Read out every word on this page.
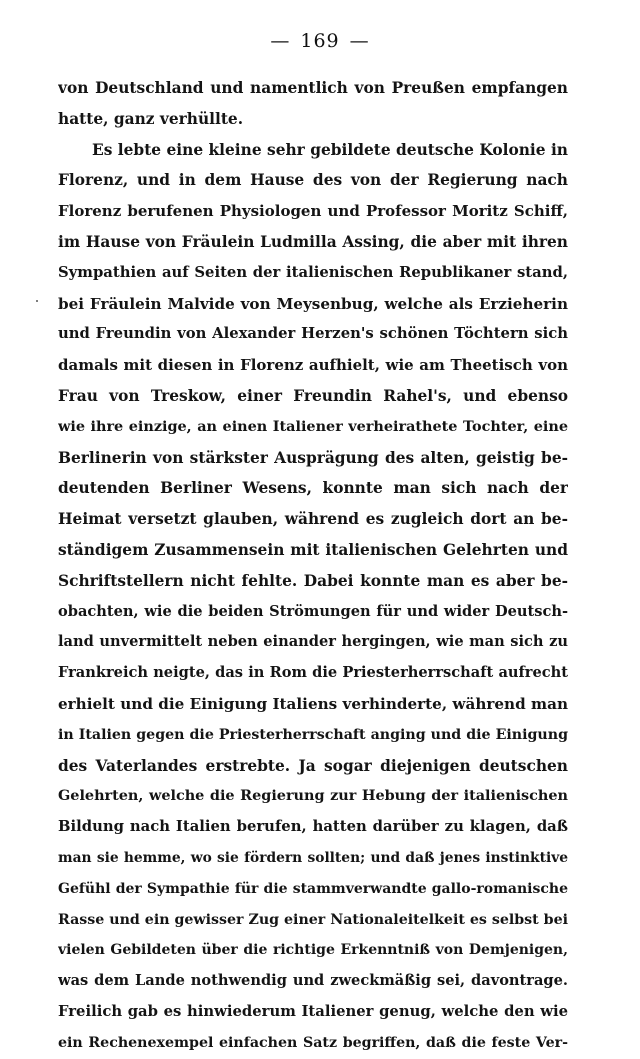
— 169 —
von Deutschland und namentlich von Preußen empfangen
hatte, ganz verhüllte.
Es lebte eine kleine sehr gebildete deutsche Kolonie in
Florenz, und in dem Hause des von der Regierung nach
Florenz berufenen Physiologen und Professor Moritz Schiff,
im Hause von Fräulein Ludmilla Assing, die aber mit ihren
Sympathien auf Seiten der italienischen Republikaner stand,
bei Fräulein Malvide von Meysenbug, welche als Erzieherin
und Freundin von Alexander Herzen's schönen Töchtern sich
damals mit diesen in Florenz aufhielt, wie am Theetisch von
Frau von Treskow, einer Freundin Rahel's, und ebenso
wie ihre einzige, an einen Italiener verheirathete Tochter, eine
Berlinerin von stärkster Ausprägung des alten, geistig be-
deutenden Berliner Wesens, konnte man sich nach der
Heimat versetzt glauben, während es zugleich dort an be-
ständigem Zusammensein mit italienischen Gelehrten und
Schriftstellern nicht fehlte. Dabei konnte man es aber be-
obachten, wie die beiden Strömungen für und wider Deutsch-
land unvermittelt neben einander hergingen, wie man sich zu
Frankreich neigte, das in Rom die Priesterherrschaft aufrecht
erhielt und die Einigung Italiens verhinderte, während man
in Italien gegen die Priesterherrschaft anging und die Einigung
des Vaterlandes erstrebte. Ja sogar diejenigen deutschen
Gelehrten, welche die Regierung zur Hebung der italienischen
Bildung nach Italien berufen, hatten darüber zu klagen, daß
man sie hemme, wo sie fördern sollten; und daß jenes instinktive
Gefühl der Sympathie für die stammverwandte gallo-romanische
Rasse und ein gewisser Zug einer Nationaleitelkeit es selbst bei
vielen Gebildeten über die richtige Erkenntniß von Demjenigen,
was dem Lande nothwendig und zweckmäßig sei, davontrage.
Freilich gab es hinwiederum Italiener genug, welche den wie
ein Rechenexempel einfachen Satz begriffen, daß die feste Ver-
